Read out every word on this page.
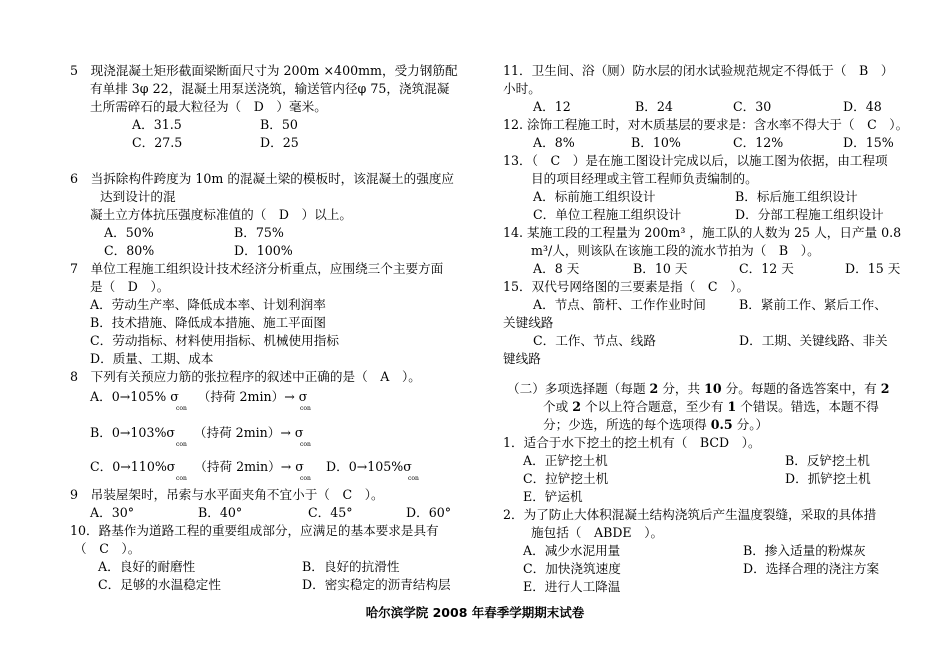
5　现浇混凝土矩形截面梁断面尺寸为 200m ×400mm，受力钢筋配
有单排 3φ 22，混凝土用泵送浇筑，输送管内径φ 75，浇筑混凝
土所需碎石的最大粒径为（　D　）毫米。
A．31.5	B．50
C．27.5	D．25
6　当拆除构件跨度为 10m 的混凝土梁的模板时，该混凝土的强度应
达到设计的混
凝土立方体抗压强度标准值的（　D　）以上。
A．50%	B．75%
C．80%	D．100%
7　单位工程施工组织设计技术经济分析重点，应围绕三个主要方面
是（　D　）。
A．劳动生产率、降低成本率、计划利润率
B．技术措施、降低成本措施、施工平面图
C．劳动指标、材料使用指标、机械使用指标
D．质量、工期、成本
8　下列有关预应力筋的张拉程序的叙述中正确的是（　A　）。
A．0→105% σ　　（持荷 2min）→ σ
con	con
B．0→103%σ　　（持荷 2min）→ σ
con	con
C．0→110%σ　　（持荷 2min）→ σ
con	con
D．0→105%σ
con
9　吊装屋架时，吊索与水平面夹角不宜小于（　C　）。
A．30°	B．40°	C．45°	D．60°
10．路基作为道路工程的重要组成部分，应满足的基本要求是具有
（　C　）。
A．良好的耐磨性	B．良好的抗滑性
C．足够的水温稳定性	D．密实稳定的沥青结构层
11．卫生间、浴（厕）防水层的闭水试验规范规定不得低于（　B　）
小时。
A．12	B．24	C．30	D．48
12. 涂饰工程施工时，对木质基层的要求是：含水率不得大于（　C　）。
A．8%	B．10%	C．12%	D．15%
13．（　C　）是在施工图设计完成以后，以施工图为依据，由工程项
目的项目经理或主管工程师负责编制的。
A．标前施工组织设计	B．标后施工组织设计
C．单位工程施工组织设计	D．分部工程施工组织设计
14. 某施工段的工程量为 200m³ ，施工队的人数为 25 人，日产量 0.8
m³/人，则该队在该施工段的流水节拍为（　B　）。
A．8 天	B．10 天	C．12 天	D．15 天
15．双代号网络图的三要素是指（　C　）。
A．节点、箭杆、工作作业时间	B．紧前工作、紧后工作、
关键线路
C．工作、节点、线路	D．工期、关键线路、非关
键线路
（二）多项选择题（每题 2 分，共 10 分。每题的备选答案中，有 2
个或 2 个以上符合题意，至少有 1 个错误。错选，本题不得
分；少选，所选的每个选项得 0.5 分。）
1．适合于水下挖土的挖土机有（　BCD　）。
A．正铲挖土机	B．反铲挖土机
C．拉铲挖土机	D．抓铲挖土机
E．铲运机
2．为了防止大体积混凝土结构浇筑后产生温度裂缝，采取的具体措
施包括（　ABDE　）。
A．减少水泥用量	B．掺入适量的粉煤灰
C．加快浇筑速度	D．选择合理的浇注方案
E．进行人工降温
哈尔滨学院 2008 年春季学期期末试卷
